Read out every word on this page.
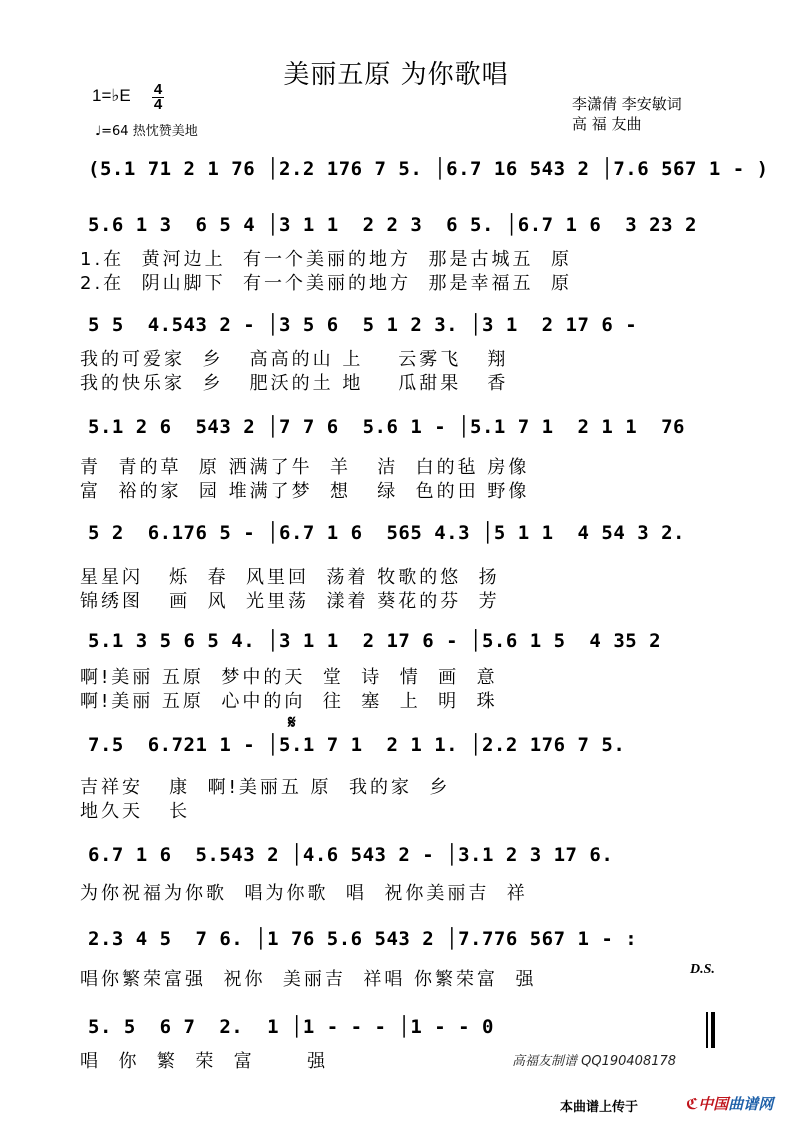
美丽五原 为你歌唱
1=♭E 4
4
♩=64 热忱赞美地
李潇倩 李安敏词
高 福 友曲
(5.1 71 2 1 76 │2.2 176 7 5. │6.7 16 543 2 │7.6 567 1 - )
5.6 1 3  6 5 4 │3 1 1  2 2 3  6 5. │6.7 1 6  3 23 2
1.在  黄河边上  有一个美丽的地方  那是古城五  原
2.在  阴山脚下  有一个美丽的地方  那是幸福五  原
5 5  4.543 2 - │3 5 6  5 1 2 3. │3 1  2 17 6 -
我的可爱家  乡   高高的山 上    云雾飞   翔
我的快乐家  乡   肥沃的土 地    瓜甜果   香
5.1 2 6  543 2 │7 7 6  5.6 1 - │5.1 7 1  2 1 1  76
青  青的草  原 洒满了牛  羊   洁  白的毡 房像
富  裕的家  园 堆满了梦  想   绿  色的田 野像
5 2  6.176 5 - │6.7 1 6  565 4.3 │5 1 1  4 54 3 2.
星星闪   烁  春  风里回  荡着 牧歌的悠  扬
锦绣图   画  风  光里荡  漾着 葵花的芬  芳
5.1 3 5 6 5 4. │3 1 1  2 17 6 - │5.6 1 5  4 35 2
啊!美丽 五原  梦中的天  堂  诗  情  画  意
啊!美丽 五原  心中的向  往  塞  上  明  珠
𝄋
7.5  6.721 1 - │5.1 7 1  2 1 1. │2.2 176 7 5.
吉祥安   康  啊!美丽五 原  我的家  乡
地久天   长
6.7 1 6  5.543 2 │4.6 543 2 - │3.1 2 3 17 6.
为你祝福为你歌  唱为你歌  唱  祝你美丽吉  祥
2.3 4 5  7 6. │1 76 5.6 543 2 │7.776 567 1 - :
唱你繁荣富强  祝你  美丽吉  祥唱 你繁荣富  强	D.S.
5. 5  6 7  2.  1 │1 - - - │1 - - 0
唱  你  繁  荣  富      强	高福友制谱 QQ190408178
本曲谱上传于	ℭ中国曲谱网
